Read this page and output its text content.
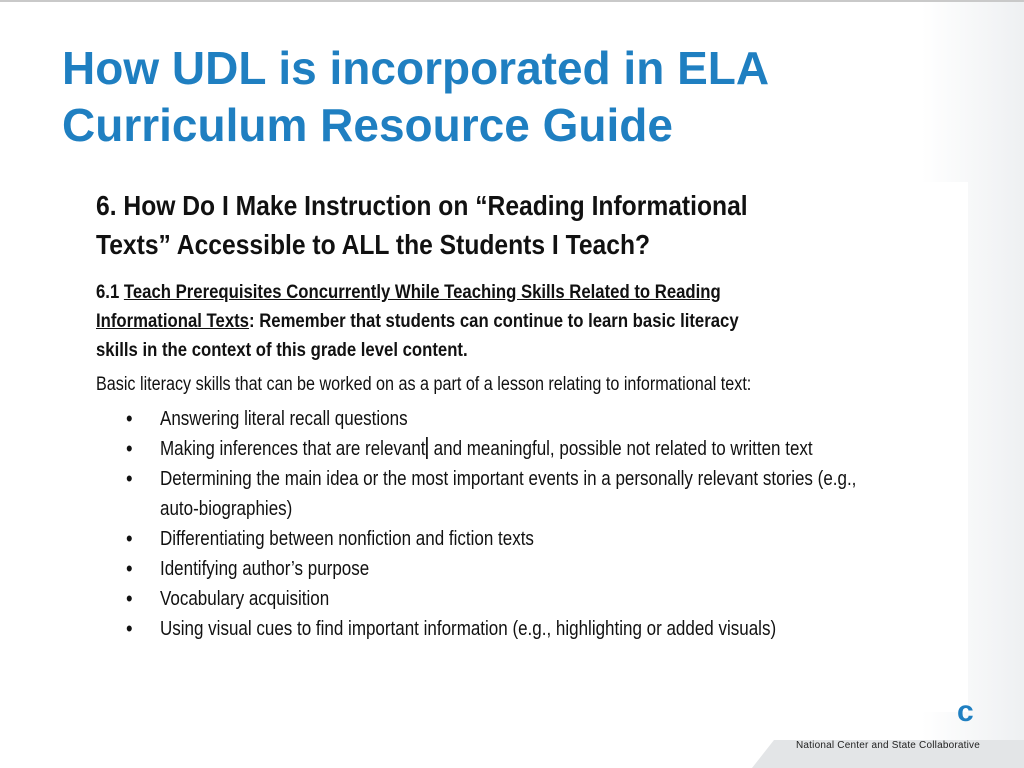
How UDL is incorporated in ELA
Curriculum Resource Guide
6. How Do I Make Instruction on “Reading Informational
Texts” Accessible to ALL the Students I Teach?

6.1 Teach Prerequisites Concurrently While Teaching Skills Related to Reading
Informational Texts: Remember that students can continue to learn basic literacy
skills in the context of this grade level content.

Basic literacy skills that can be worked on as a part of a lesson relating to informational text:

• Answering literal recall questions
• Making inferences that are relevant and meaningful, possible not related to written text
• Determining the main idea or the most important events in a personally relevant stories (e.g., auto-biographies)
• Differentiating between nonfiction and fiction texts
• Identifying author’s purpose
• Vocabulary acquisition
• Using visual cues to find important information (e.g., highlighting or added visuals)
c
National Center and State Collaborative
